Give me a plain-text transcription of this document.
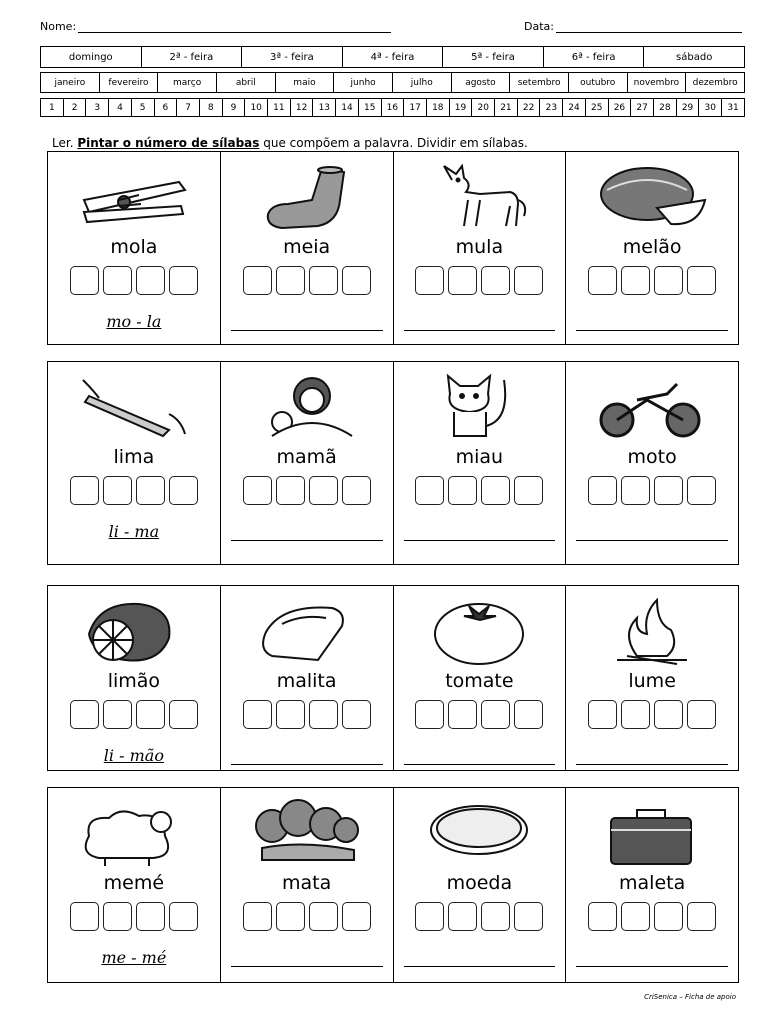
Nome:	Data:
domingo	2ª - feira	3ª - feira	4ª - feira	5ª - feira	6ª - feira	sábado
janeiro	fevereiro	março	abril	maio	junho	julho	agosto	setembro	outubro	novembro	dezembro
1	2	3	4	5	6	7	8	9	10	11	12	13	14	15	16	17	18	19	20	21	22	23	24	25	26	27	28	29	30	31
Ler. Pintar o número de sílabas que compõem a palavra. Dividir em sílabas.
mola
mo - la
meia	mula	melão
lima
li - ma
mamã	miau	moto
limão
li - mão
malita	tomate	lume
memé
me - mé
mata	moeda	maleta
CriSenica – Ficha de apoio
